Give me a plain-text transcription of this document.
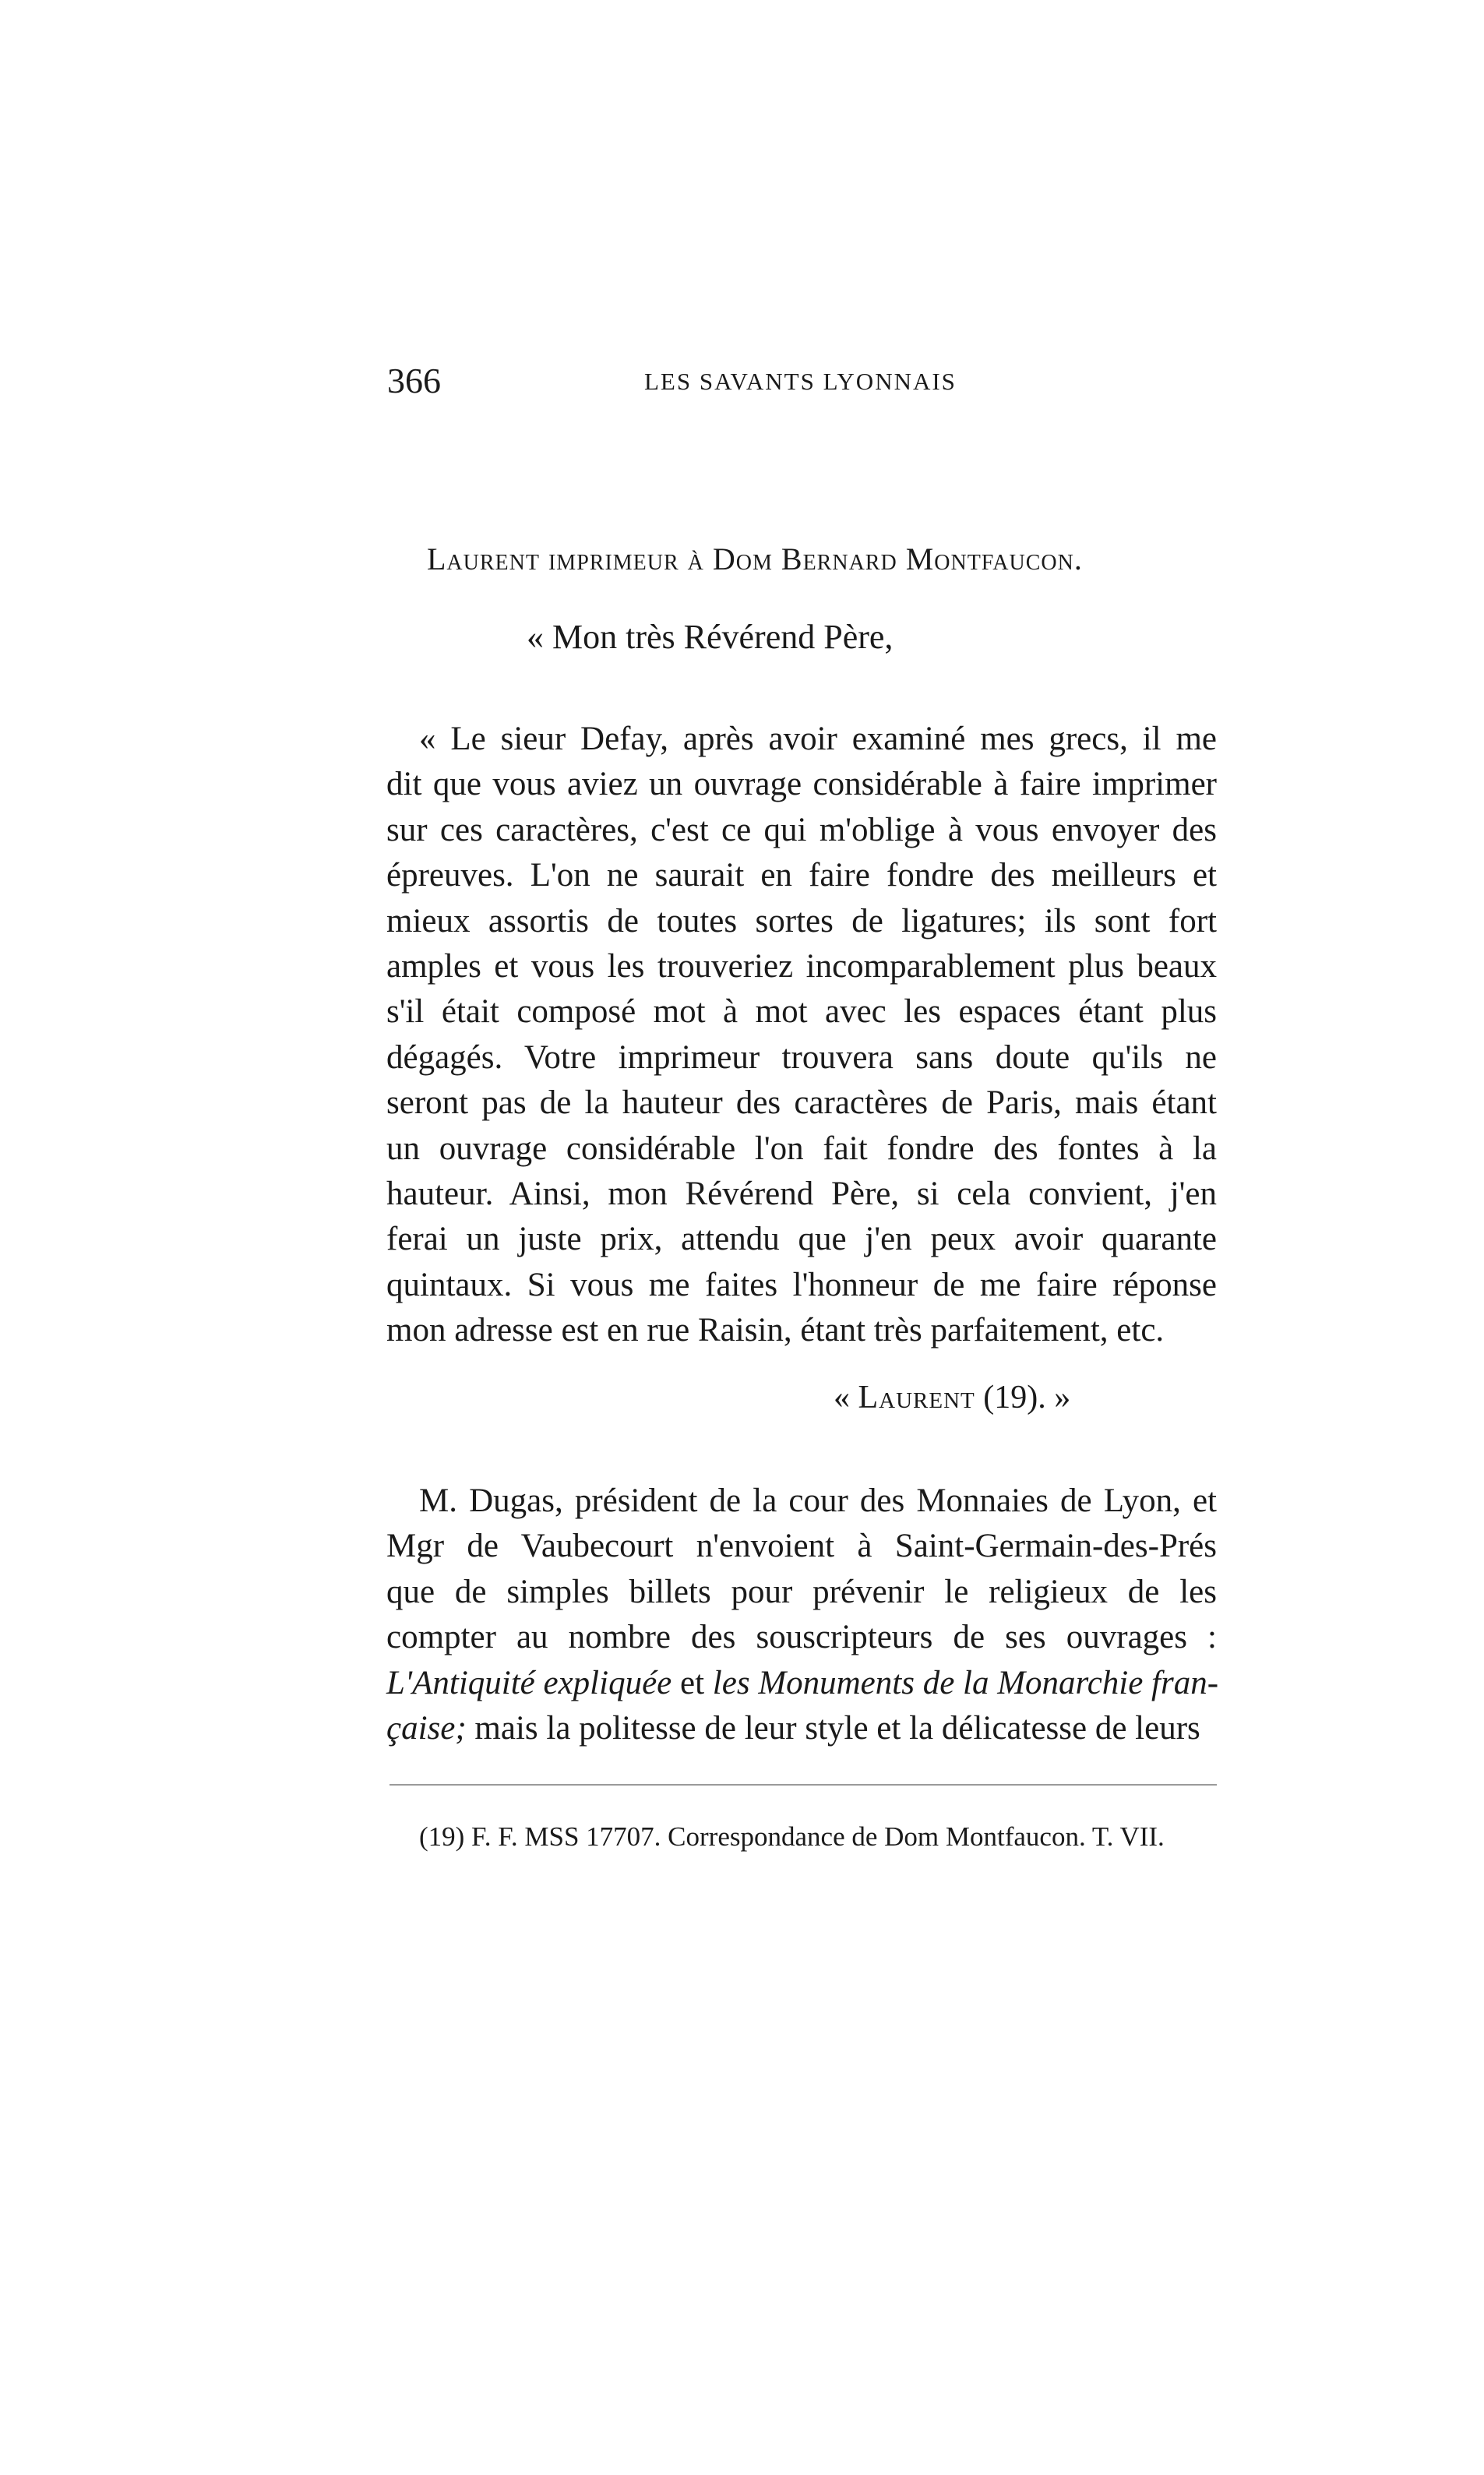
366	LES SAVANTS LYONNAIS
Laurent imprimeur à Dom Bernard Montfaucon.
« Mon très Révérend Père,
« Le sieur Defay, après avoir examiné mes grecs, il me
dit que vous aviez un ouvrage considérable à faire imprimer
sur ces caractères, c'est ce qui m'oblige à vous envoyer des
épreuves. L'on ne saurait en faire fondre des meilleurs et
mieux assortis de toutes sortes de ligatures; ils sont fort
amples et vous les trouveriez incomparablement plus beaux
s'il était composé mot à mot avec les espaces étant plus
dégagés. Votre imprimeur trouvera sans doute qu'ils ne
seront pas de la hauteur des caractères de Paris, mais étant
un ouvrage considérable l'on fait fondre des fontes à la
hauteur. Ainsi, mon Révérend Père, si cela convient, j'en
ferai un juste prix, attendu que j'en peux avoir quarante
quintaux. Si vous me faites l'honneur de me faire réponse
mon adresse est en rue Raisin, étant très parfaitement, etc.
« Laurent (19). »
M. Dugas, président de la cour des Monnaies de Lyon, et
Mgr de Vaubecourt n'envoient à Saint-Germain-des-Prés
que de simples billets pour prévenir le religieux de les
compter au nombre des souscripteurs de ses ouvrages :
L'Antiquité expliquée et les Monuments de la Monarchie fran-
çaise; mais la politesse de leur style et la délicatesse de leurs
(19) F. F. MSS 17707. Correspondance de Dom Montfaucon. T. VII.
